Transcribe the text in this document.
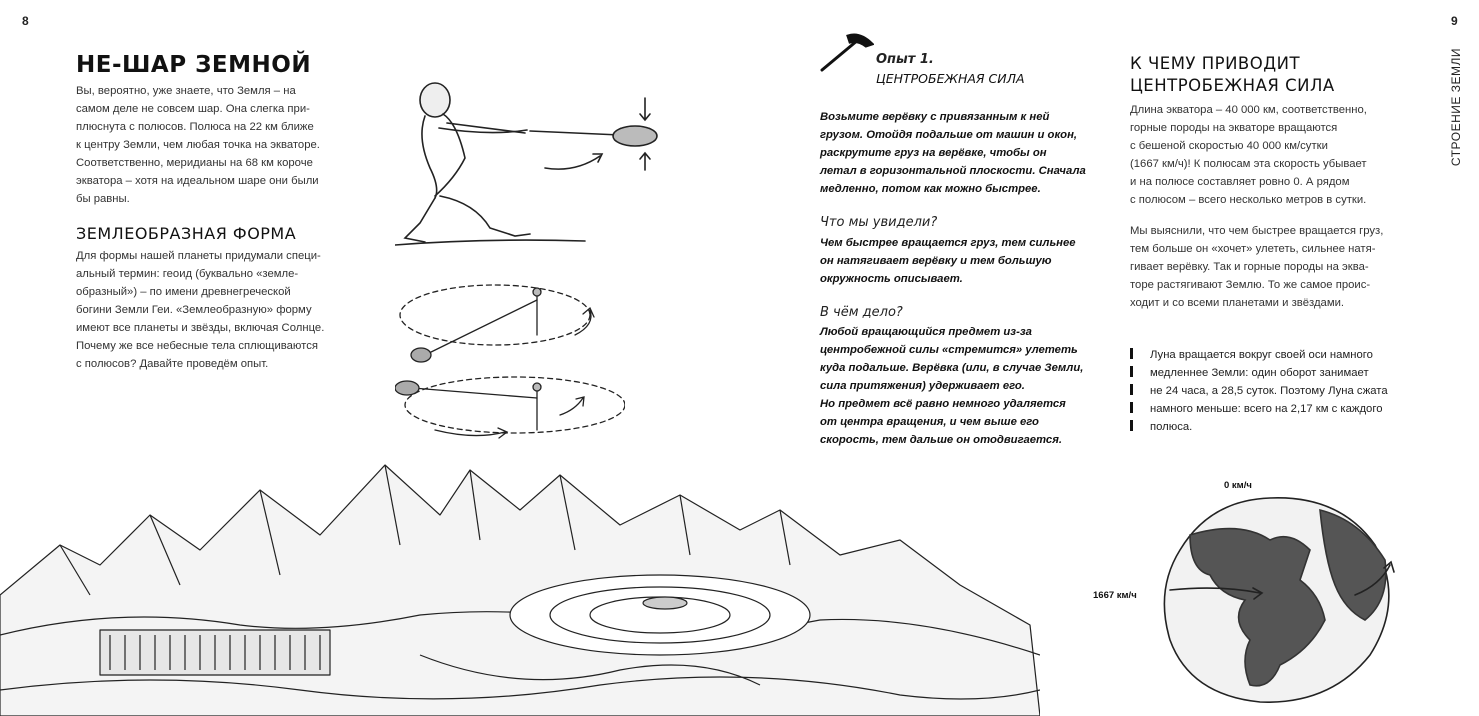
8
НЕ-ШАР ЗЕМНОЙ

Вы, вероятно, уже знаете, что Земля – на

самом деле не совсем шар. Она слегка при-

плюснута с полюсов. Полюса на 22 км ближе

к центру Земли, чем любая точка на экваторе.

Соответственно, меридианы на 68 км короче

экватора – хотя на идеальном шаре они были

бы равны.

ЗЕМЛЕОБРАЗНАЯ ФОРМА

Для формы нашей планеты придумали специ-

альный термин: геоид (буквально «земле-

образный») – по имени древнегреческой

богини Земли Геи. «Землеобразную» форму

имеют все планеты и звёзды, включая Солнце.

Почему же все небесные тела сплющиваются

с полюсов? Давайте проведём опыт.

Опыт 1.
ЦЕНТРОБЕЖНАЯ СИЛА

Возьмите верёвку с привязанным к ней

грузом. Отойдя подальше от машин и окон,

раскрутите груз на верёвке, чтобы он

летал в горизонтальной плоскости. Сначала

медленно, потом как можно быстрее.

Что мы увидели?

Чем быстрее вращается груз, тем сильнее

он натягивает верёвку и тем большую

окружность описывает.

В чём дело?

Любой вращающийся предмет из-за

центробежной силы «стремится» улететь

куда подальше. Верёвка (или, в случае Земли,

сила притяжения) удерживает его.

Но предмет всё равно немного удаляется

от центра вращения, и чем выше его

скорость, тем дальше он отодвигается.

9
СТРОЕНИЕ ЗЕМЛИ
К ЧЕМУ ПРИВОДИТ
ЦЕНТРОБЕЖНАЯ СИЛА

Длина экватора – 40 000 км, соответственно,

горные породы на экваторе вращаются

с бешеной скоростью 40 000 км/сутки

(1667 км/ч)! К полюсам эта скорость убывает

и на полюсе составляет ровно 0. А рядом

с полюсом – всего несколько метров в сутки.

Мы выяснили, что чем быстрее вращается груз,

тем больше он «хочет» улететь, сильнее натя-

гивает верёвку. Так и горные породы на эква-

торе растягивают Землю. То же самое проис-

ходит и со всеми планетами и звёздами.

Луна вращается вокруг своей оси намного
медленнее Земли: один оборот занимает
не 24 часа, а 28,5 суток. Поэтому Луна сжата
намного меньше: всего на 2,17 км с каждого
полюса.
0 км/ч
1667 км/ч
